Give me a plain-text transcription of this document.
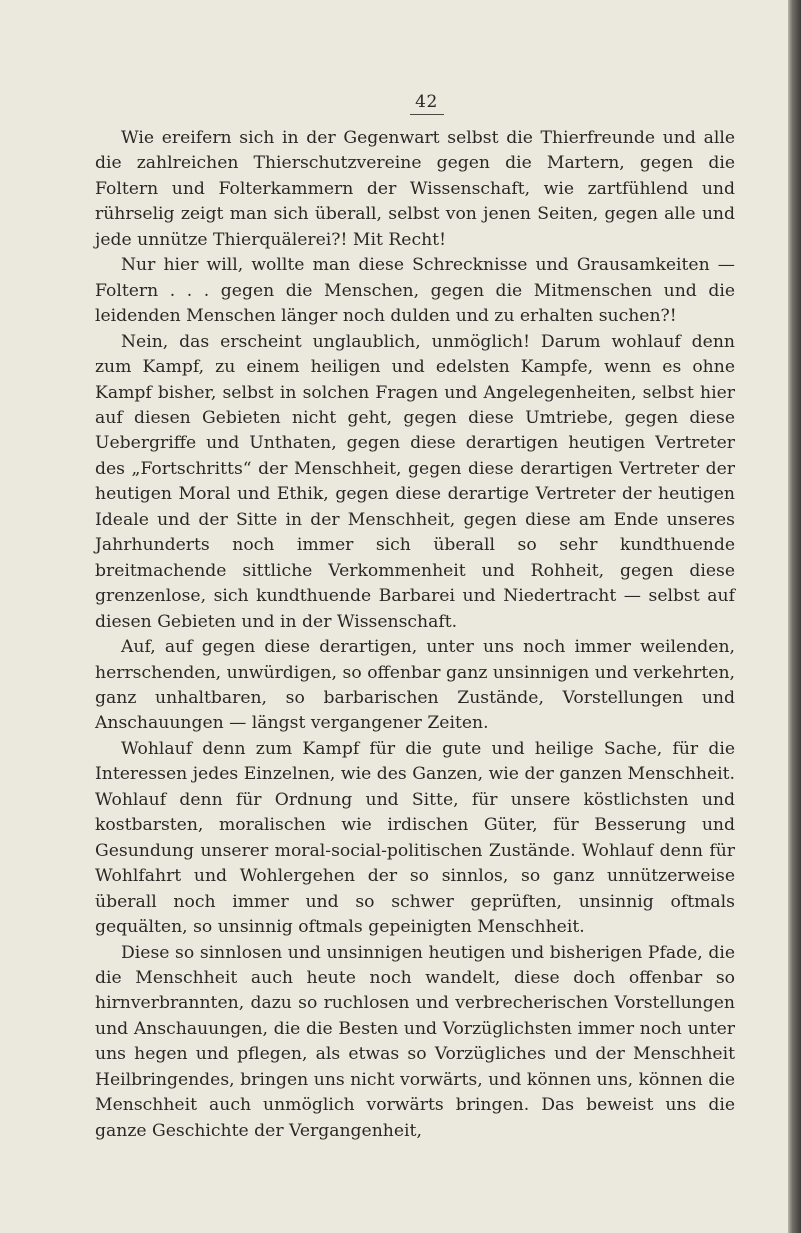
42

Wie ereifern sich in der Gegenwart selbst die Thierfreunde und alle die zahlreichen Thierschutzvereine gegen die Martern, gegen die Foltern und Folterkammern der Wissenschaft, wie zartfühlend und rührselig zeigt man sich überall, selbst von jenen Seiten, gegen alle und jede unnütze Thierquälerei?! Mit Recht!

Nur hier will, wollte man diese Schrecknisse und Grausamkeiten — Foltern . . . gegen die Menschen, gegen die Mitmenschen und die leidenden Menschen länger noch dulden und zu erhalten suchen?!

Nein, das erscheint unglaublich, unmöglich! Darum wohlauf denn zum Kampf, zu einem heiligen und edelsten Kampfe, wenn es ohne Kampf bisher, selbst in solchen Fragen und Angelegenheiten, selbst hier auf diesen Gebieten nicht geht, gegen diese Umtriebe, gegen diese Uebergriffe und Unthaten, gegen diese derartigen heutigen Vertreter des „Fortschritts“ der Menschheit, gegen diese derartigen Vertreter der heutigen Moral und Ethik, gegen diese derartige Vertreter der heutigen Ideale und der Sitte in der Menschheit, gegen diese am Ende unseres Jahrhunderts noch immer sich überall so sehr kundthuende breitmachende sittliche Verkommenheit und Rohheit, gegen diese grenzenlose, sich kundthuende Barbarei und Niedertracht — selbst auf diesen Gebieten und in der Wissenschaft.

Auf, auf gegen diese derartigen, unter uns noch immer weilenden, herrschenden, unwürdigen, so offenbar ganz unsinnigen und verkehrten, ganz unhaltbaren, so barbarischen Zustände, Vorstellungen und Anschauungen — längst vergangener Zeiten.

Wohlauf denn zum Kampf für die gute und heilige Sache, für die Interessen jedes Einzelnen, wie des Ganzen, wie der ganzen Menschheit. Wohlauf denn für Ordnung und Sitte, für unsere köstlichsten und kostbarsten, moralischen wie irdischen Güter, für Besserung und Gesundung unserer moral-social-politischen Zustände. Wohlauf denn für Wohlfahrt und Wohlergehen der so sinnlos, so ganz unnützerweise überall noch immer und so schwer geprüften, unsinnig oftmals gequälten, so unsinnig oftmals gepeinigten Menschheit.

Diese so sinnlosen und unsinnigen heutigen und bisherigen Pfade, die die Menschheit auch heute noch wandelt, diese doch offenbar so hirnverbrannten, dazu so ruchlosen und verbrecherischen Vorstellungen und Anschauungen, die die Besten und Vorzüglichsten immer noch unter uns hegen und pflegen, als etwas so Vorzügliches und der Menschheit Heilbringendes, bringen uns nicht vorwärts, und können uns, können die Menschheit auch unmöglich vorwärts bringen. Das beweist uns die ganze Geschichte der Vergangenheit,
